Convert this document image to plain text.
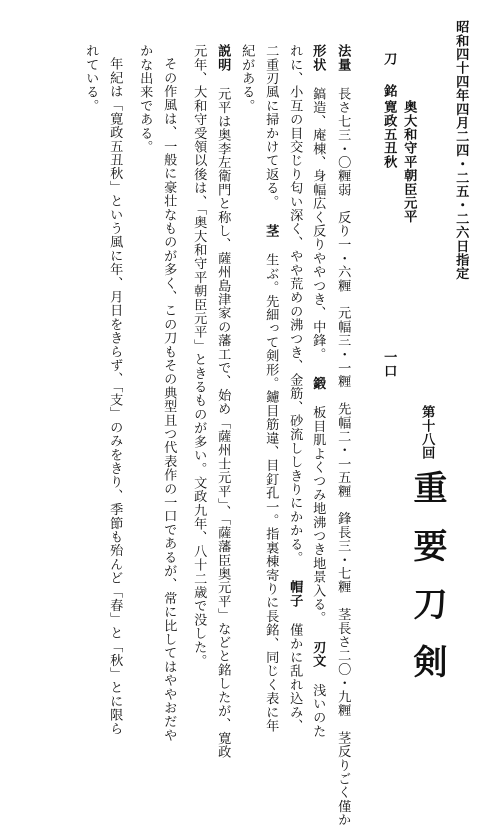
昭和四十四年四月二四・二五・二六日指定
刀
一口
第十八回
重要刀剣
銘
奥大和守平朝臣元平
寛政五丑秋
法量 長さ七三・〇糎弱　反り一・六糎　元幅三・一糎　先幅二・一五糎　鋒長三・七糎　茎長さ二〇・九糎　茎反りごく僅か
形状 鎬造、庵棟、身幅広く反りややつき、中鋒。 鍛 板目肌よくつみ地沸つき地景入る。 刃文 浅いのた
れに、小互の目交じり匂い深く、やや荒めの沸つき、金筋、砂流ししきりにかかる。 帽子 僅かに乱れ込み、
二重刃風に掃かけて返る。 茎 生ぶ。先細って剣形。鑢目筋違、目釘孔一。指裏棟寄りに長銘、同じく表に年
紀がある。
説明 元平は奥李左衛門と称し、薩州島津家の藩工で、始め「薩州士元平」、「薩藩臣奥元平」などと銘したが、寛政
元年、大和守受領以後は、「奥大和守平朝臣元平」ときるものが多い。文政九年、八十二歳で没した。
その作風は、一般に豪壮なものが多く、この刀もその典型且つ代表作の一口であるが、常に比してはややおだや
かな出来である。
年紀は「寛政五丑秋」という風に年、月日をきらず、「支」のみをきり、季節も殆んど「春」と「秋」とに限ら
れている。
